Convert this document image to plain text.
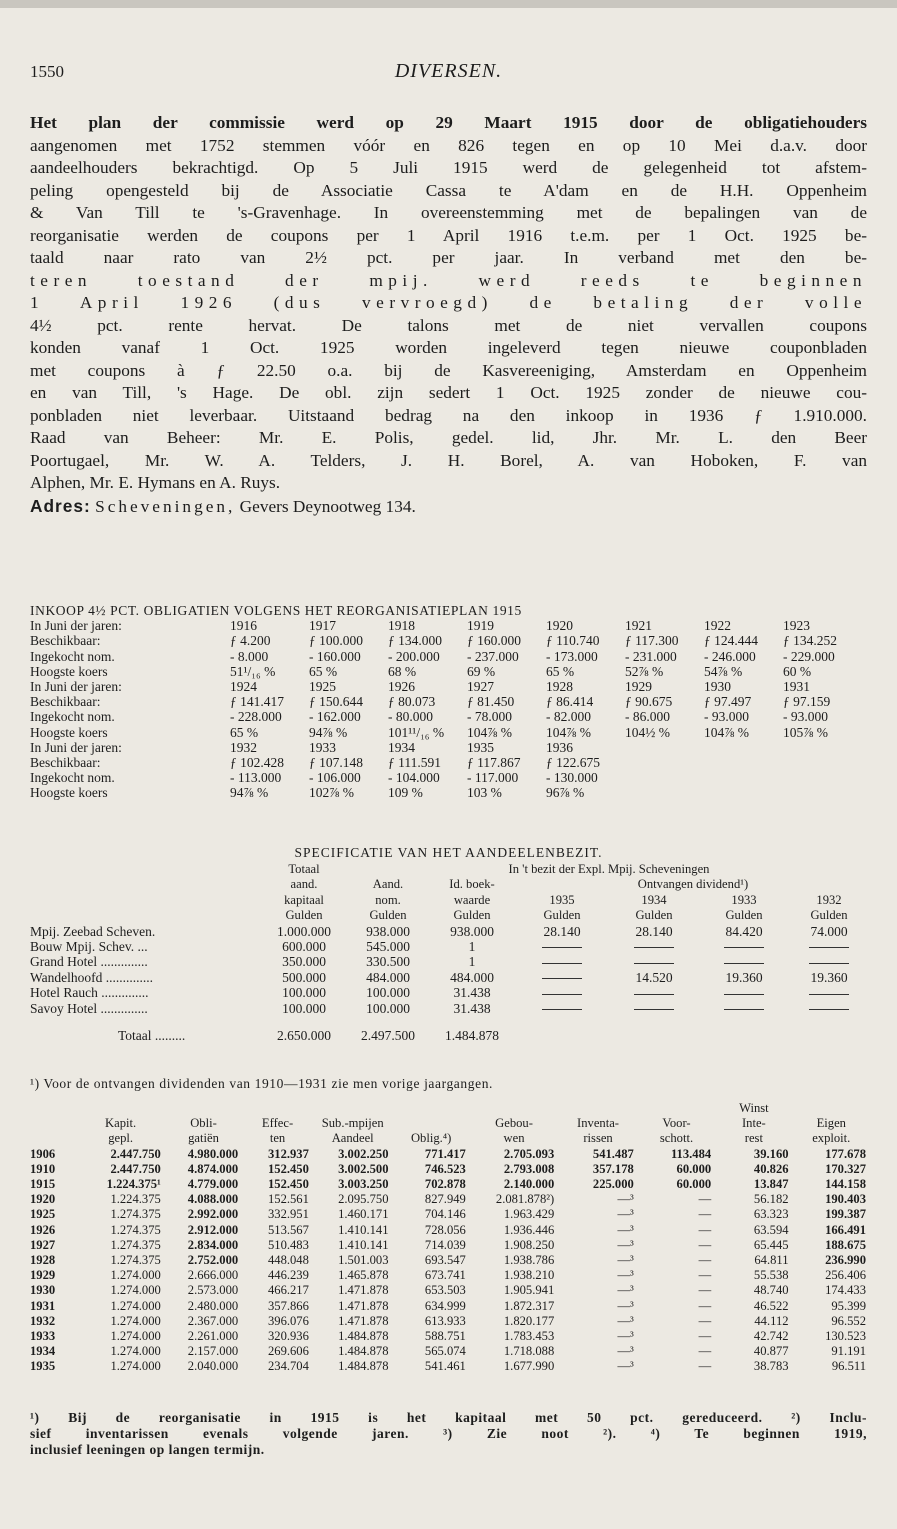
1550	DIVERSEN.
Het plan der commissie werd op 29 Maart 1915 door de obligatiehouders
aangenomen met 1752 stemmen vóór en 826 tegen en op 10 Mei d.a.v. door
aandeelhouders bekrachtigd. Op 5 Juli 1915 werd de gelegenheid tot afstem-
peling opengesteld bij de Associatie Cassa te A'dam en de H.H. Oppenheim
& Van Till te 's-Gravenhage. In overeenstemming met de bepalingen van de
reorganisatie werden de coupons per 1 April 1916 t.e.m. per 1 Oct. 1925 be-
taald naar rato van 2½ pct. per jaar. In verband met den be-
teren toestand der mpij. werd reeds te beginnen
1 April 1926 (dus vervroegd) de betaling der volle
4½ pct. rente hervat. De talons met de niet vervallen coupons
konden vanaf 1 Oct. 1925 worden ingeleverd tegen nieuwe couponbladen
met coupons à ƒ 22.50 o.a. bij de Kasvereeniging, Amsterdam en Oppenheim
en van Till, 's Hage. De obl. zijn sedert 1 Oct. 1925 zonder de nieuwe cou-
ponbladen niet leverbaar. Uitstaand bedrag na den inkoop in 1936 ƒ 1.910.000.
Raad van Beheer: Mr. E. Polis, gedel. lid, Jhr. Mr. L. den Beer
Poortugael, Mr. W. A. Telders, J. H. Borel, A. van Hoboken, F. van
Alphen, Mr. E. Hymans en A. Ruys.
Adres: Scheveningen, Gevers Deynootweg 134.
INKOOP 4½ PCT. OBLIGATIEN VOLGENS HET REORGANISATIEPLAN 1915
In Juni der jaren:	1916	1917	1918	1919	1920	1921	1922	1923
Beschikbaar:	ƒ 4.200	ƒ 100.000	ƒ 134.000	ƒ 160.000	ƒ 110.740	ƒ 117.300	ƒ 124.444	ƒ 134.252
Ingekocht nom.	- 8.000	- 160.000	- 200.000	- 237.000	- 173.000	- 231.000	- 246.000	- 229.000
Hoogste koers	51¹/₁₆ %	65 %	68 %	69 %	65 %	52⅞ %	54⅞ %	60 %
In Juni der jaren:	1924	1925	1926	1927	1928	1929	1930	1931
Beschikbaar:	ƒ 141.417	ƒ 150.644	ƒ 80.073	ƒ 81.450	ƒ 86.414	ƒ 90.675	ƒ 97.497	ƒ 97.159
Ingekocht nom.	- 228.000	- 162.000	- 80.000	- 78.000	- 82.000	- 86.000	- 93.000	- 93.000
Hoogste koers	65 %	94⅞ %	101¹¹/₁₆ %	104⅞ %	104⅞ %	104½ %	104⅞ %	105⅞ %
In Juni der jaren:	1932	1933	1934	1935	1936			
Beschikbaar:	ƒ 102.428	ƒ 107.148	ƒ 111.591	ƒ 117.867	ƒ 122.675			
Ingekocht nom.	- 113.000	- 106.000	- 104.000	- 117.000	- 130.000			
Hoogste koers	94⅞ %	102⅞ %	109 %	103 %	96⅞ %			
SPECIFICATIE VAN HET AANDEELENBEZIT.
	Totaal	In 't bezit der Expl. Mpij. Scheveningen					
	aand.	Aand.	Id. boek-	Ontvangen dividend¹)			
	kapitaal	nom.	waarde	1935	1934	1933	1932
	Gulden	Gulden	Gulden	Gulden	Gulden	Gulden	Gulden
Mpij. Zeebad Scheven.	1.000.000	938.000	938.000	28.140	28.140	84.420	74.000
Bouw Mpij. Schev. ...	600.000	545.000	1				
Grand Hotel ..............	350.000	330.500	1				
Wandelhoofd ..............	500.000	484.000	484.000		14.520	19.360	19.360
Hotel Rauch ..............	100.000	100.000	31.438				
Savoy Hotel ..............	100.000	100.000	31.438				

Totaal .........	2.650.000	2.497.500	1.484.878				
¹) Voor de ontvangen dividenden van 1910—1931 zie men vorige jaargangen.
									Winst	
	Kapit.	Obli-	Effec-	Sub.-mpijen		Gebou-	Inventa-	Voor-	Inte-	Eigen
	gepl.	gatiën	ten	Aandeel	Oblig.⁴)	wen	rissen	schott.	rest	exploit.
1906	2.447.750	4.980.000	312.937	3.002.250	771.417	2.705.093	541.487	113.484	39.160	177.678
1910	2.447.750	4.874.000	152.450	3.002.500	746.523	2.793.008	357.178	60.000	40.826	170.327
1915	1.224.375¹	4.779.000	152.450	3.003.250	702.878	2.140.000	225.000	60.000	13.847	144.158
1920	1.224.375	4.088.000	152.561	2.095.750	827.949	2.081.878²)	—³	—	56.182	190.403
1925	1.274.375	2.992.000	332.951	1.460.171	704.146	1.963.429	—³	—	63.323	199.387
1926	1.274.375	2.912.000	513.567	1.410.141	728.056	1.936.446	—³	—	63.594	166.491
1927	1.274.375	2.834.000	510.483	1.410.141	714.039	1.908.250	—³	—	65.445	188.675
1928	1.274.375	2.752.000	448.048	1.501.003	693.547	1.938.786	—³	—	64.811	236.990
1929	1.274.000	2.666.000	446.239	1.465.878	673.741	1.938.210	—³	—	55.538	256.406
1930	1.274.000	2.573.000	466.217	1.471.878	653.503	1.905.941	—³	—	48.740	174.433
1931	1.274.000	2.480.000	357.866	1.471.878	634.999	1.872.317	—³	—	46.522	95.399
1932	1.274.000	2.367.000	396.076	1.471.878	613.933	1.820.177	—³	—	44.112	96.552
1933	1.274.000	2.261.000	320.936	1.484.878	588.751	1.783.453	—³	—	42.742	130.523
1934	1.274.000	2.157.000	269.606	1.484.878	565.074	1.718.088	—³	—	40.877	91.191
1935	1.274.000	2.040.000	234.704	1.484.878	541.461	1.677.990	—³	—	38.783	96.511
¹) Bij de reorganisatie in 1915 is het kapitaal met 50 pct. gereduceerd. ²) Inclu-
sief inventarissen evenals volgende jaren. ³) Zie noot ²). ⁴) Te beginnen 1919,
inclusief leeningen op langen termijn.
